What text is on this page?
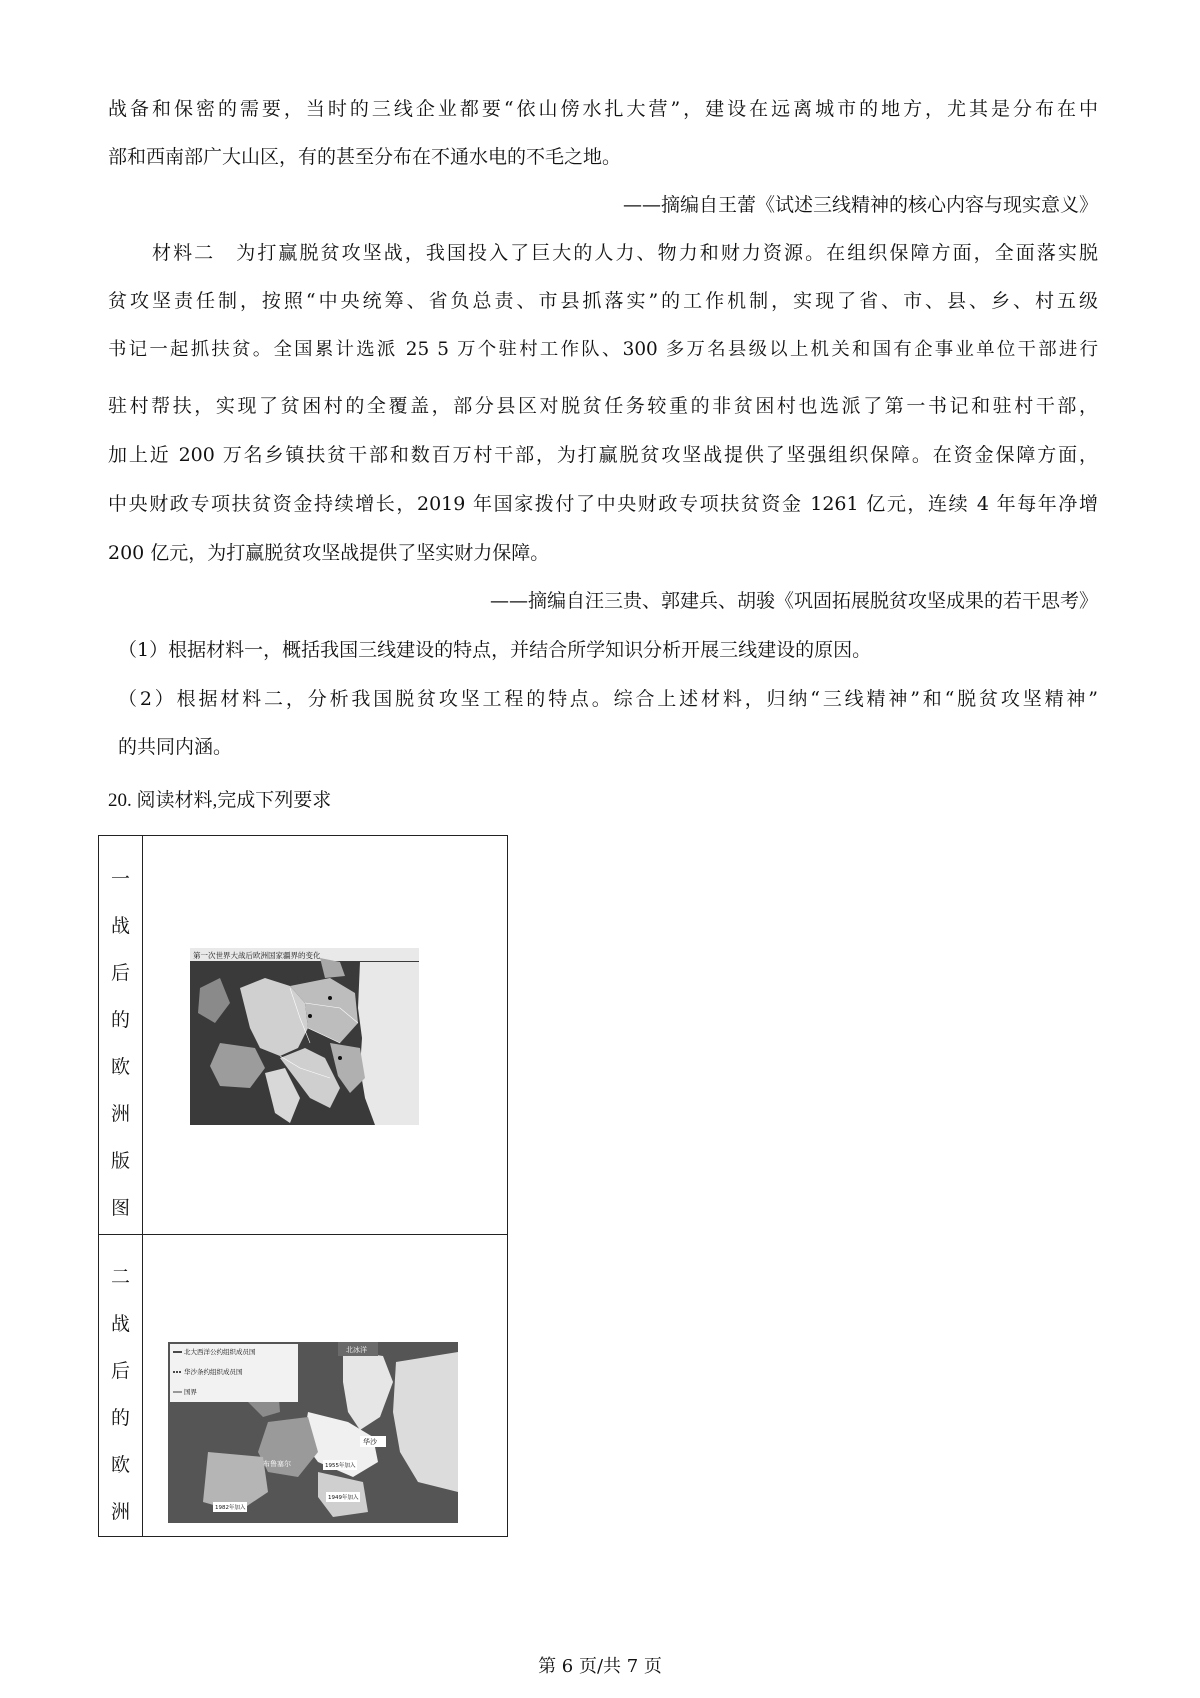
战备和保密的需要，当时的三线企业都要“依山傍水扎大营”，建设在远离城市的地方，尤其是分布在中
部和西南部广大山区，有的甚至分布在不通水电的不毛之地。
——摘编自王蕾《试述三线精神的核心内容与现实意义》
材料二　为打赢脱贫攻坚战，我国投入了巨大的人力、物力和财力资源。在组织保障方面，全面落实脱
贫攻坚责任制，按照“中央统筹、省负总责、市县抓落实”的工作机制，实现了省、市、县、乡、村五级
书记一起抓扶贫。全国累计选派 25 5 万个驻村工作队、300 多万名县级以上机关和国有企事业单位干部进行
驻村帮扶，实现了贫困村的全覆盖，部分县区对脱贫任务较重的非贫困村也选派了第一书记和驻村干部，
加上近 200 万名乡镇扶贫干部和数百万村干部，为打赢脱贫攻坚战提供了坚强组织保障。在资金保障方面，
中央财政专项扶贫资金持续增长，2019 年国家拨付了中央财政专项扶贫资金 1261 亿元，连续 4 年每年净增
200 亿元，为打赢脱贫攻坚战提供了坚实财力保障。
——摘编自汪三贵、郭建兵、胡骏《巩固拓展脱贫攻坚成果的若干思考》
（1）根据材料一，概括我国三线建设的特点，并结合所学知识分析开展三线建设的原因。
（2）根据材料二，分析我国脱贫攻坚工程的特点。综合上述材料，归纳“三线精神”和“脱贫攻坚精神”
的共同内涵。
20. 阅读材料,完成下列要求
一
战
后
的
欧
洲
版
图
二
战
后
的
欧
洲
第一次世界大战后欧洲国家疆界的变化
北大西洋公约组织成员国
华沙条约组织成员国
国界
北冰洋
华沙
布鲁塞尔	1955年加入
1949年加入
1982年加入
第 6 页/共 7 页
